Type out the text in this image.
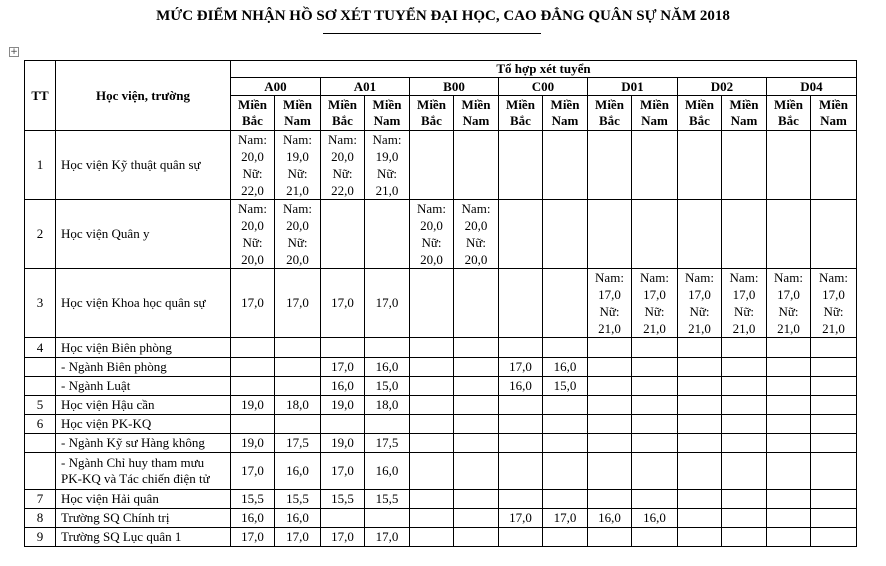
MỨC ĐIỂM NHẬN HỒ SƠ XÉT TUYỂN ĐẠI HỌC, CAO ĐẲNG QUÂN SỰ NĂM 2018
+
TT	Học viện, trường	Tổ hợp xét tuyển													
		A00		A01		B00		C00		D01		D02		D04	
		Miền Bắc	Miền Nam	Miền Bắc	Miền Nam	Miền Bắc	Miền Nam	Miền Bắc	Miền Nam	Miền Bắc	Miền Nam	Miền Bắc	Miền Nam	Miền Bắc	Miền Nam
1	Học viện Kỹ thuật quân sự	Nam: 20,0 Nữ: 22,0	Nam: 19,0 Nữ: 21,0	Nam: 20,0 Nữ: 22,0	Nam: 19,0 Nữ: 21,0										
2	Học viện Quân y	Nam: 20,0 Nữ: 20,0	Nam: 20,0 Nữ: 20,0			Nam: 20,0 Nữ: 20,0	Nam: 20,0 Nữ: 20,0								
3	Học viện Khoa học quân sự	17,0	17,0	17,0	17,0					Nam: 17,0 Nữ: 21,0	Nam: 17,0 Nữ: 21,0	Nam: 17,0 Nữ: 21,0	Nam: 17,0 Nữ: 21,0	Nam: 17,0 Nữ: 21,0	Nam: 17,0 Nữ: 21,0
4	Học viện Biên phòng														
	- Ngành Biên phòng			17,0	16,0			17,0	16,0						
	- Ngành Luật			16,0	15,0			16,0	15,0						
5	Học viện Hậu cần	19,0	18,0	19,0	18,0										
6	Học viện PK-KQ														
	- Ngành Kỹ sư Hàng không	19,0	17,5	19,0	17,5										
	- Ngành Chỉ huy tham mưu PK-KQ và Tác chiến điện tử	17,0	16,0	17,0	16,0										
7	Học viện Hải quân	15,5	15,5	15,5	15,5										
8	Trường SQ Chính trị	16,0	16,0					17,0	17,0	16,0	16,0				
9	Trường SQ Lục quân 1	17,0	17,0	17,0	17,0										
